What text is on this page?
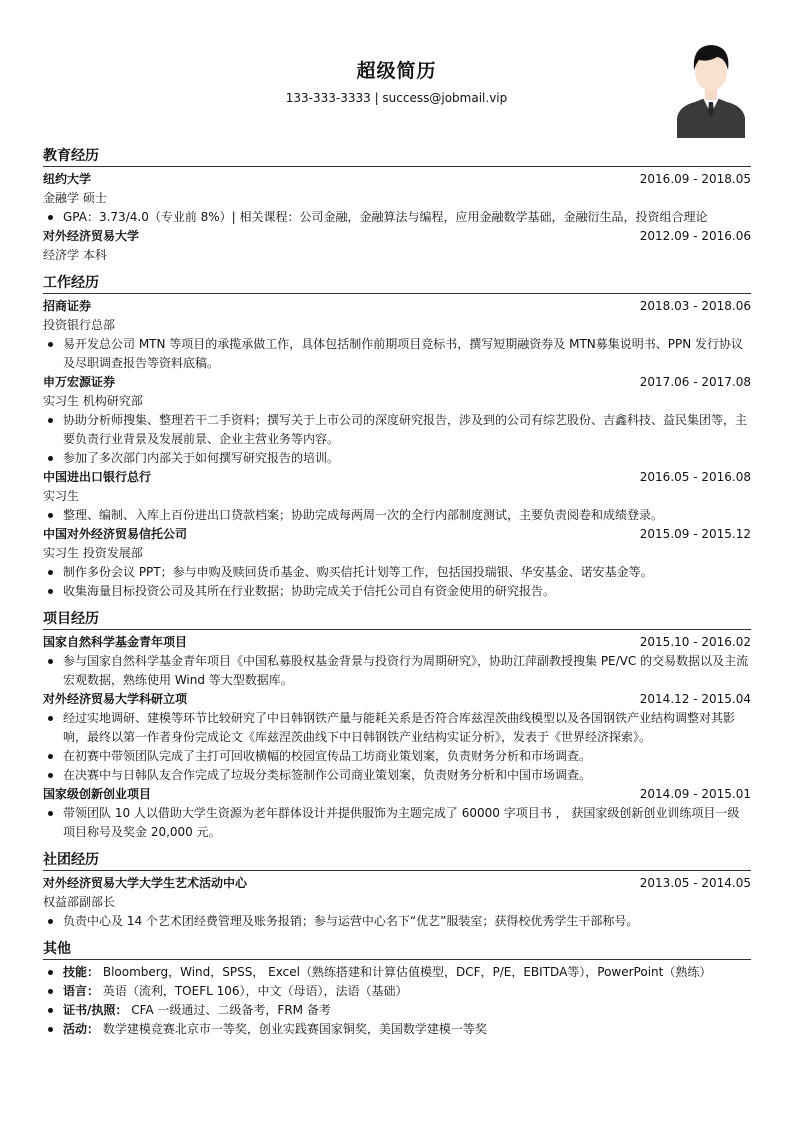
超级简历
133-333-3333 | success@jobmail.vip
教育经历
纽约大学	2016.09 - 2018.05
金融学 硕士
GPA：3.73/4.0（专业前 8%）| 相关课程：公司金融，金融算法与编程，应用金融数学基础，金融衍生品，投资组合理论
对外经济贸易大学	2012.09 - 2016.06
经济学 本科
工作经历
招商证券	2018.03 - 2018.06
投资银行总部
易开发总公司 MTN 等项目的承揽承做工作，具体包括制作前期项目竞标书，撰写短期融资券及 MTN募集说明书、PPN 发行协议及尽职调查报告等资料底稿。
申万宏源证券	2017.06 - 2017.08
实习生 机构研究部
协助分析师搜集、整理若干二手资料；撰写关于上市公司的深度研究报告，涉及到的公司有综艺股份、吉鑫科技、益民集团等，主要负责行业背景及发展前景、企业主营业务等内容。
参加了多次部门内部关于如何撰写研究报告的培训。
中国进出口银行总行	2016.05 - 2016.08
实习生
整理、编制、入库上百份进出口贷款档案；协助完成每两周一次的全行内部制度测试，主要负责阅卷和成绩登录。
中国对外经济贸易信托公司	2015.09 - 2015.12
实习生 投资发展部
制作多份会议 PPT；参与申购及赎回货币基金、购买信托计划等工作，包括国投瑞银、华安基金、诺安基金等。
收集海量目标投资公司及其所在行业数据；协助完成关于信托公司自有资金使用的研究报告。
项目经历
国家自然科学基金青年项目	2015.10 - 2016.02
参与国家自然科学基金青年项目《中国私募股权基金背景与投资行为周期研究》，协助江萍副教授搜集 PE/VC 的交易数据以及主流宏观数据，熟练使用 Wind 等大型数据库。
对外经济贸易大学科研立项	2014.12 - 2015.04
经过实地调研、建模等环节比较研究了中日韩钢铁产量与能耗关系是否符合库兹涅茨曲线模型以及各国钢铁产业结构调整对其影响，最终以第一作者身份完成论文《库兹涅茨曲线下中日韩钢铁产业结构实证分析》，发表于《世界经济探索》。
在初赛中带领团队完成了主打可回收横幅的校园宣传品工坊商业策划案，负责财务分析和市场调查。
在决赛中与日韩队友合作完成了垃圾分类标签制作公司商业策划案，负责财务分析和中国市场调查。
国家级创新创业项目	2014.09 - 2015.01
带领团队 10 人以借助大学生资源为老年群体设计并提供服饰为主题完成了 60000 字项目书 ， 获国家级创新创业训练项目一级项目称号及奖金 20,000 元。
社团经历
对外经济贸易大学大学生艺术活动中心	2013.05 - 2014.05
权益部副部长
负责中心及 14 个艺术团经费管理及账务报销；参与运营中心名下“优艺”服装室；获得校优秀学生干部称号。
其他
技能： Bloomberg，Wind，SPSS， Excel（熟练搭建和计算估值模型，DCF，P/E，EBITDA等），PowerPoint（熟练）
语言： 英语（流利，TOEFL 106），中文（母语），法语（基础）
证书/执照： CFA 一级通过、二级备考，FRM 备考
活动： 数学建模竞赛北京市一等奖，创业实践赛国家铜奖，美国数学建模一等奖
